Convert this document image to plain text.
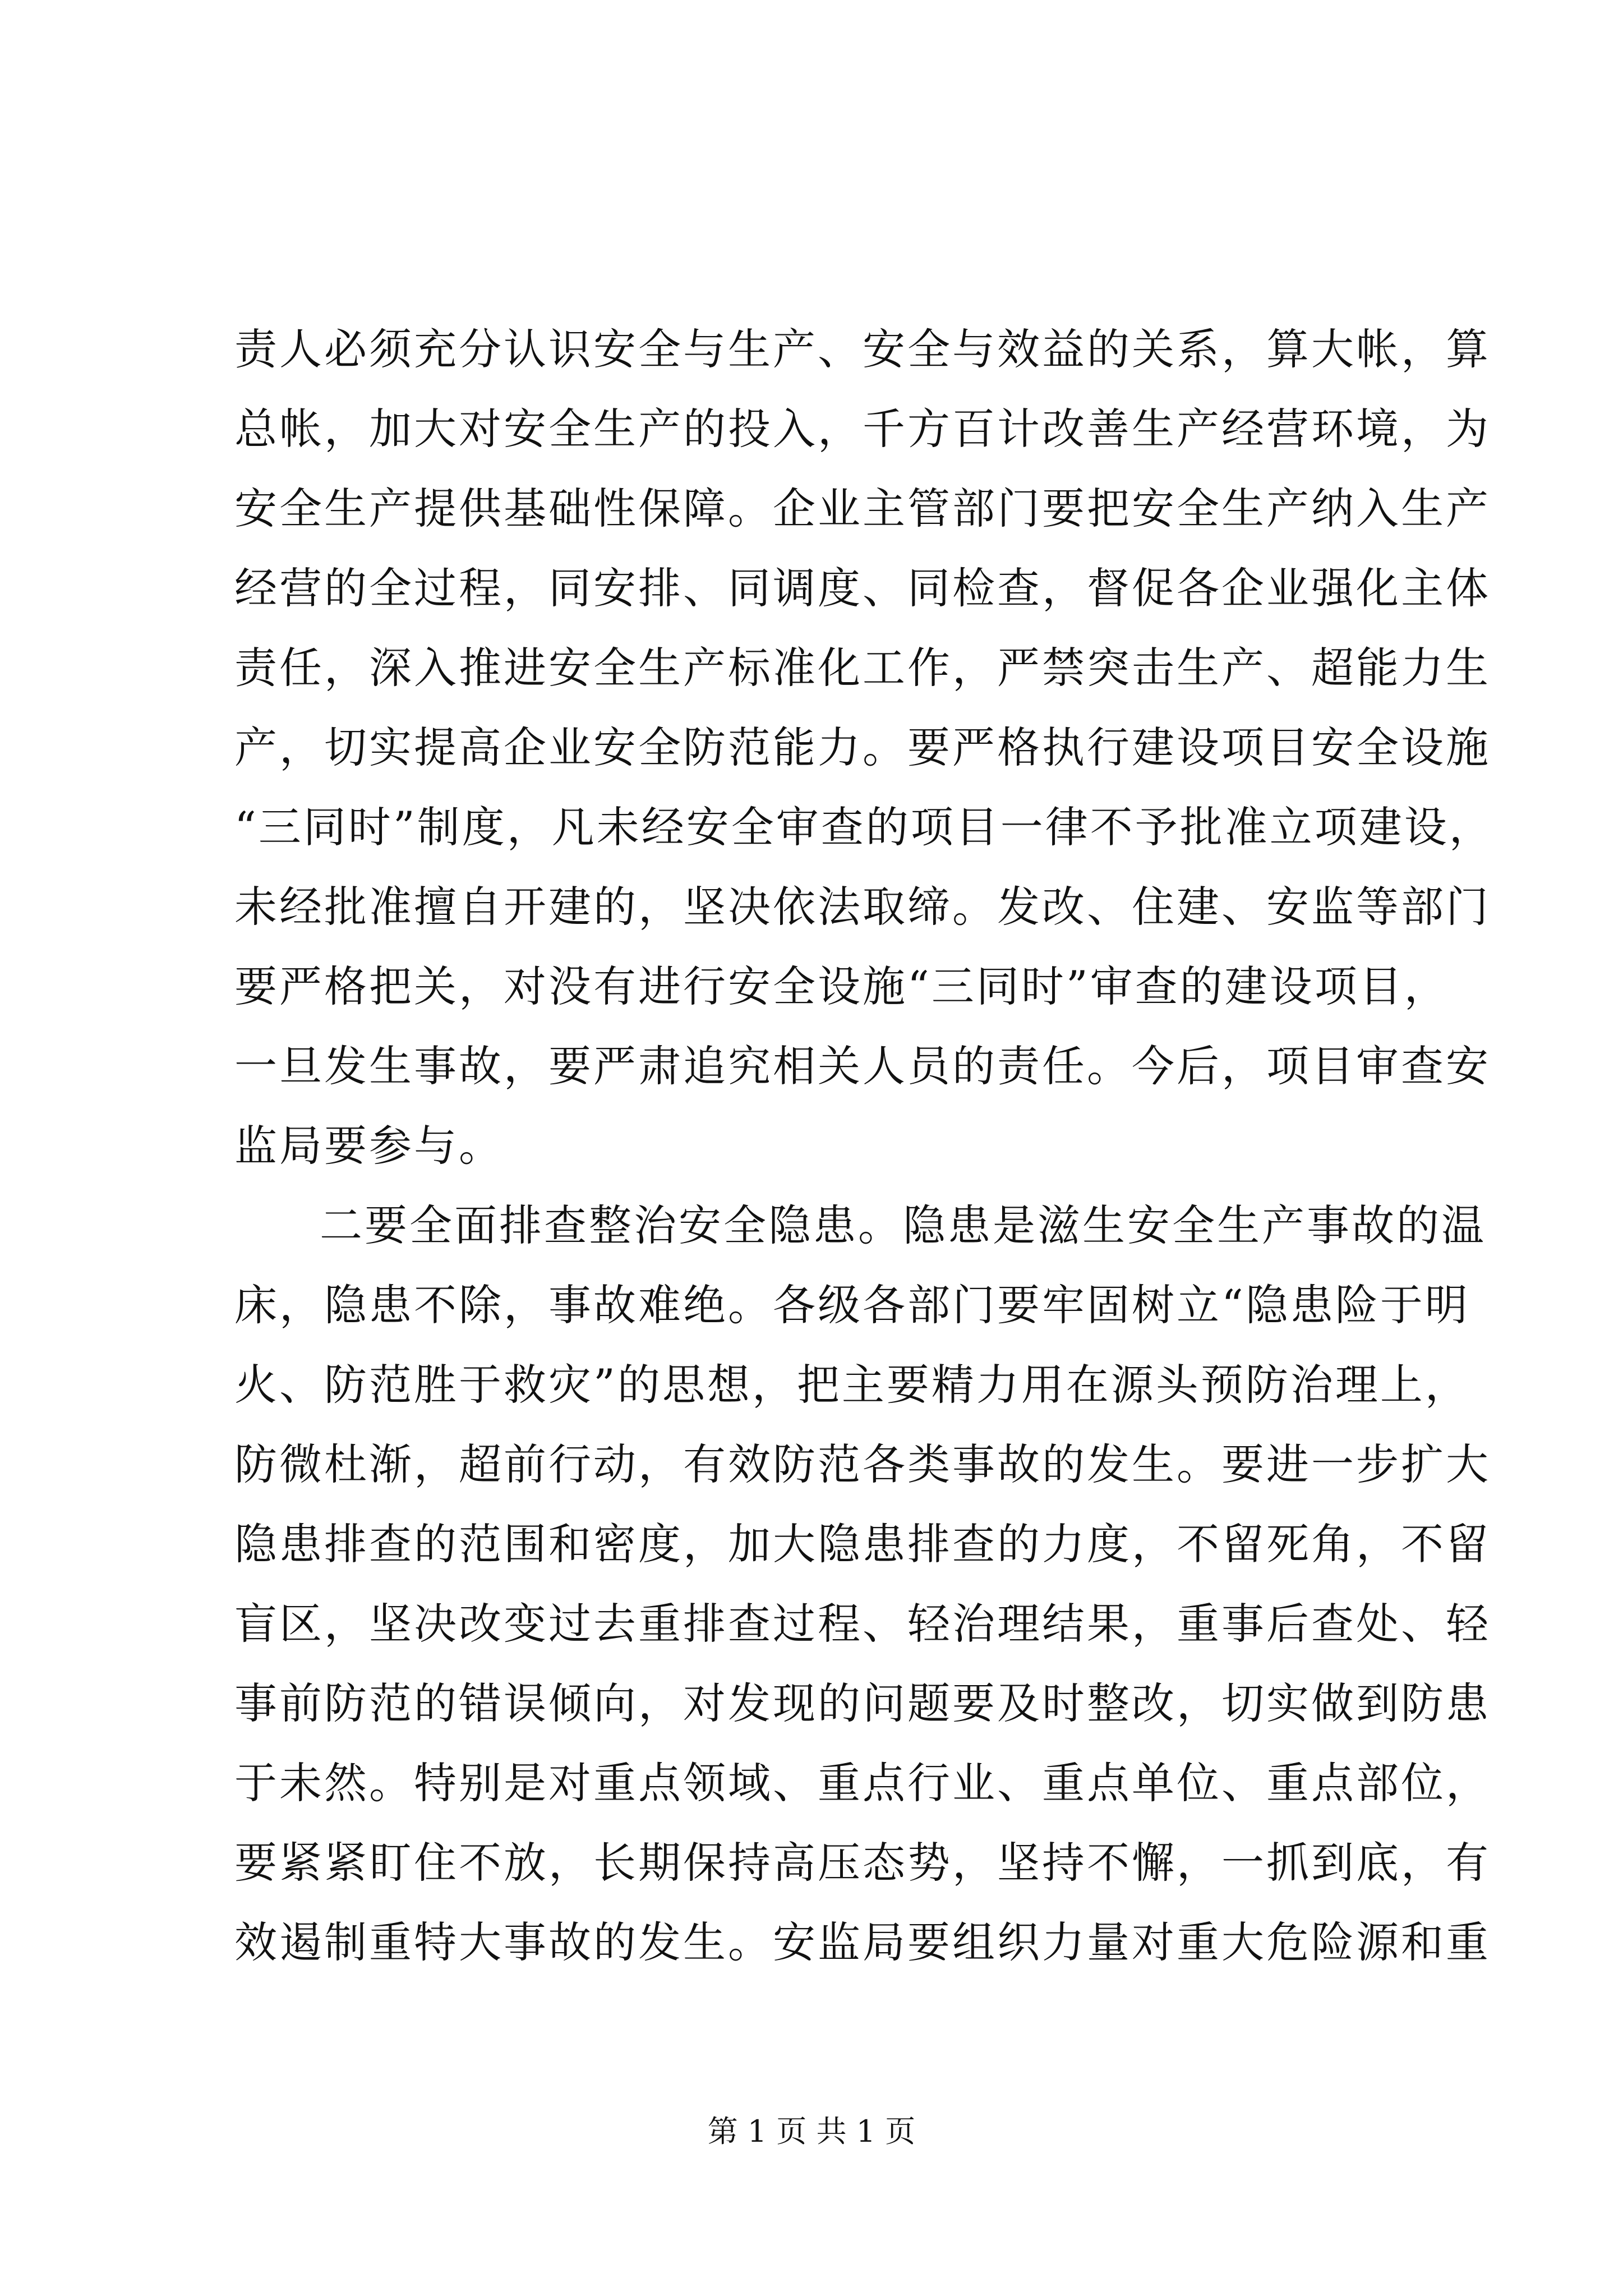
责人必须充分认识安全与生产、安全与效益的关系，算大帐，算
总帐，加大对安全生产的投入，千方百计改善生产经营环境，为
安全生产提供基础性保障。企业主管部门要把安全生产纳入生产
经营的全过程，同安排、同调度、同检查，督促各企业强化主体
责任，深入推进安全生产标准化工作，严禁突击生产、超能力生
产，切实提高企业安全防范能力。要严格执行建设项目安全设施
“三同时”制度，凡未经安全审查的项目一律不予批准立项建设，
未经批准擅自开建的，坚决依法取缔。发改、住建、安监等部门
要严格把关，对没有进行安全设施“三同时”审查的建设项目，
一旦发生事故，要严肃追究相关人员的责任。今后，项目审查安
监局要参与。
二要全面排查整治安全隐患。隐患是滋生安全生产事故的温
床，隐患不除，事故难绝。各级各部门要牢固树立“隐患险于明
火、防范胜于救灾”的思想，把主要精力用在源头预防治理上，
防微杜渐，超前行动，有效防范各类事故的发生。要进一步扩大
隐患排查的范围和密度，加大隐患排查的力度，不留死角，不留
盲区，坚决改变过去重排查过程、轻治理结果，重事后查处、轻
事前防范的错误倾向，对发现的问题要及时整改，切实做到防患
于未然。特别是对重点领域、重点行业、重点单位、重点部位，
要紧紧盯住不放，长期保持高压态势，坚持不懈，一抓到底，有
效遏制重特大事故的发生。安监局要组织力量对重大危险源和重
第 1 页 共 1 页
